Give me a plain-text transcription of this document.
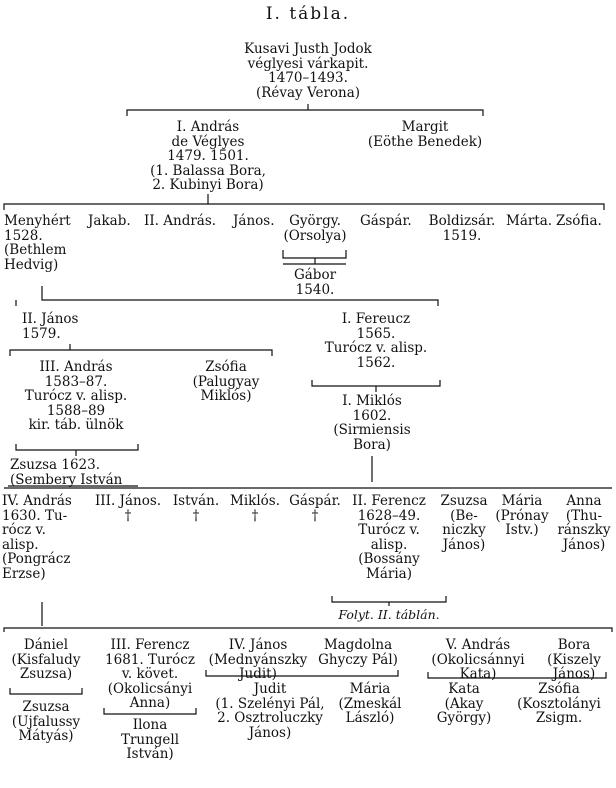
I. tábla.
Kusavi Justh Jodok
véglyesi várkapit.
1470–1493.
(Révay Verona)
I. András
de Véglyes
1479. 1501.
(1. Balassa Bora,
2. Kubinyi Bora)
Margit
(Eöthe Benedek)
Menyhért
1528.
(Bethlem
Hedvig)
Jakab. II. András. János.	György.
(Orsolya)
Gáspár.	Boldizsár.
1519.
Márta. Zsófia.
Gábor
1540.
II. János
1579.
I. Fereucz
1565.
Turócz v. alisp.
1562.
III. András
1583–87.
Turócz v. alisp.
1588–89
kir. táb. ülnök
Zsófia
(Palugyay
Miklós)	I. Miklós
1602.
(Sirmiensis
Bora)
Zsuzsa 1623.
(Sembery István
IV. András
1630. Tu-
rócz v.
alisp.
(Pongrácz
Erzse)
III. János.
†
István.
†
Miklós.
†
Gáspár.
†
II. Ferencz
1628–49.
Turócz v.
alisp.
(Bossány
Mária)
Folyt. II. táblán.
Zsuzsa
(Be-
niczky
János)
Mária
(Prónay
Istv.)
Anna
(Thu-
ránszky
János)
Dániel
(Kisfaludy
Zsuzsa)
III. Ferencz
1681. Turócz
v. követ.
(Okolicsányi
Anna)
IV. János
(Mednyánszky
Judit)
Magdolna
Ghyczy Pál)
V. András
(Okolicsánnyi
Kata)
Bora
(Kiszely
János)
Zsuzsa
(Ujfalussy
Mátyás)
Ilona
Trungell
István)
Judit
(1. Szelényi Pál,
2. Osztroluczky
János)
Mária
(Zmeskál
László)
Kata
(Akay
György)
Zsófia
(Kosztolányi
Zsigm.
